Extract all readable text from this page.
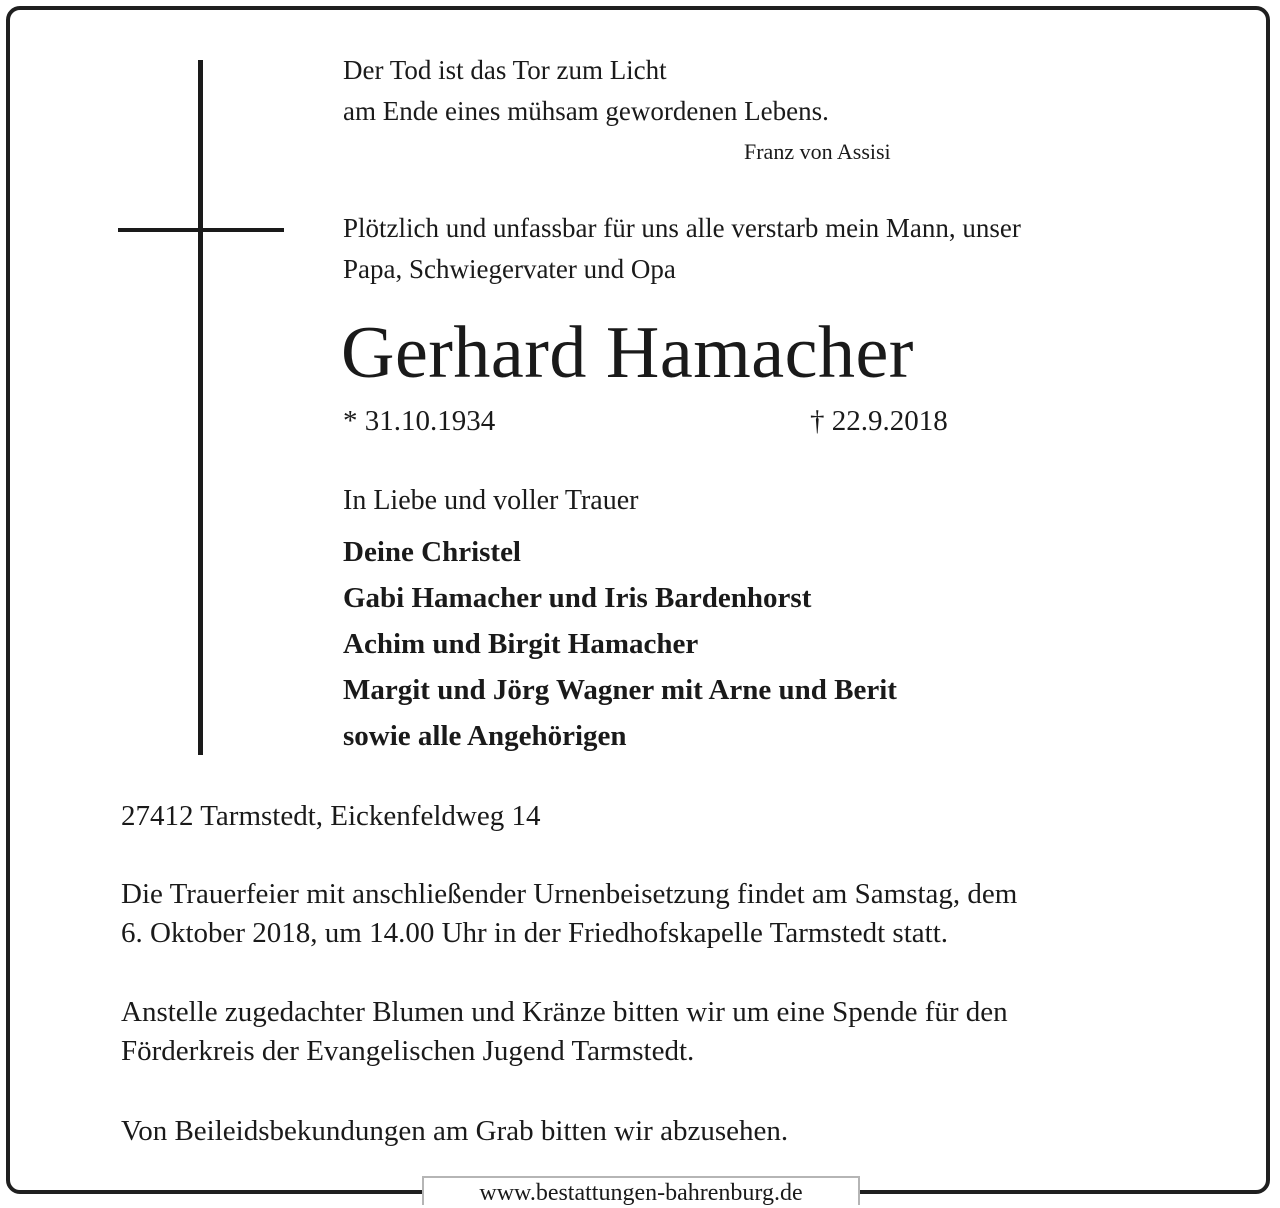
Der Tod ist das Tor zum Licht

am Ende eines mühsam gewordenen Lebens.

Franz von Assisi

Plötzlich und unfassbar für uns alle verstarb mein Mann, unser

Papa, Schwiegervater und Opa

Gerhard Hamacher

* 31.10.1934	† 22.9.2018

In Liebe und voller Trauer

Deine Christel

Gabi Hamacher und Iris Bardenhorst

Achim und Birgit Hamacher

Margit und Jörg Wagner mit Arne und Berit

sowie alle Angehörigen

27412 Tarmstedt, Eickenfeldweg 14

Die Trauerfeier mit anschließender Urnenbeisetzung findet am Samstag, dem

6. Oktober 2018, um 14.00 Uhr in der Friedhofskapelle Tarmstedt statt.

Anstelle zugedachter Blumen und Kränze bitten wir um eine Spende für den

Förderkreis der Evangelischen Jugend Tarmstedt.

Von Beileidsbekundungen am Grab bitten wir abzusehen.

www.bestattungen-bahrenburg.de
